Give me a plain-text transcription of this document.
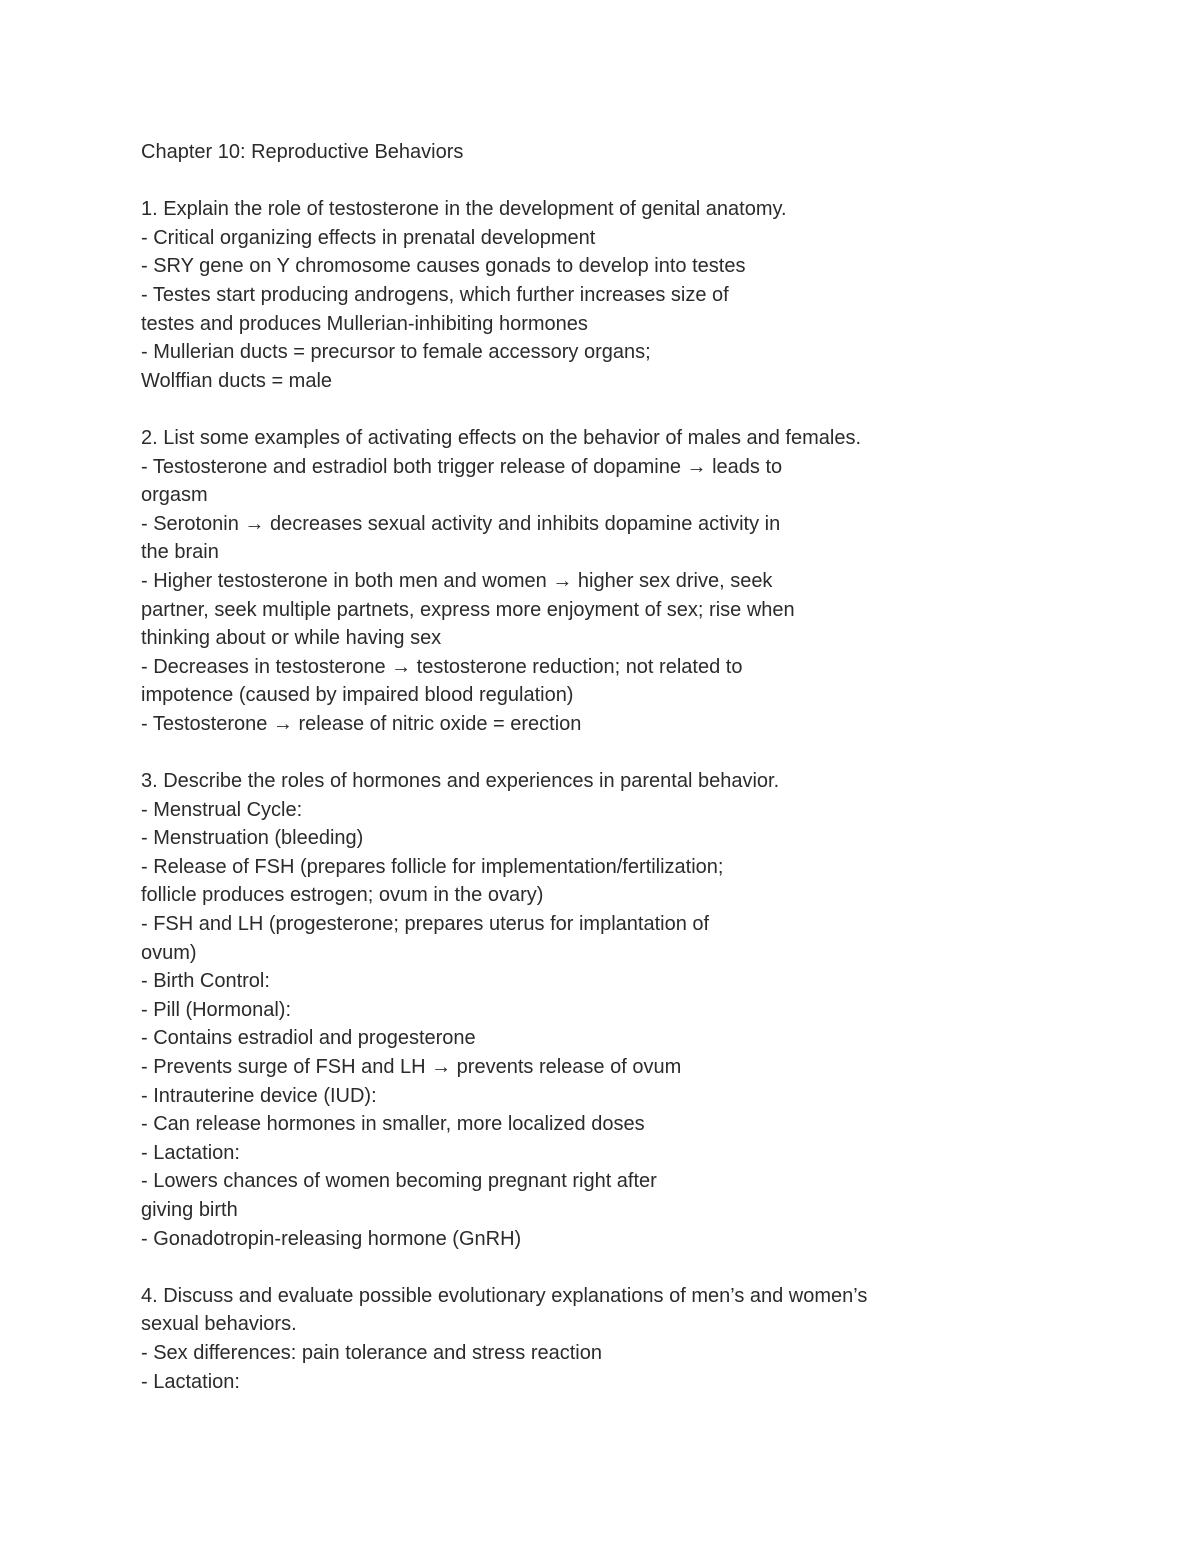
Chapter 10: Reproductive Behaviors
1. Explain the role of testosterone in the development of genital anatomy.
- Critical organizing effects in prenatal development
- SRY gene on Y chromosome causes gonads to develop into testes
- Testes start producing androgens, which further increases size of
testes and produces Mullerian-inhibiting hormones
- Mullerian ducts = precursor to female accessory organs;
Wolffian ducts = male
2. List some examples of activating effects on the behavior of males and females.
- Testosterone and estradiol both trigger release of dopamine → leads to
orgasm
- Serotonin → decreases sexual activity and inhibits dopamine activity in
the brain
- Higher testosterone in both men and women → higher sex drive, seek
partner, seek multiple partnets, express more enjoyment of sex; rise when
thinking about or while having sex
- Decreases in testosterone → testosterone reduction; not related to
impotence (caused by impaired blood regulation)
- Testosterone → release of nitric oxide = erection
3. Describe the roles of hormones and experiences in parental behavior.
- Menstrual Cycle:
- Menstruation (bleeding)
- Release of FSH (prepares follicle for implementation/fertilization;
follicle produces estrogen; ovum in the ovary)
- FSH and LH (progesterone; prepares uterus for implantation of
ovum)
- Birth Control:
- Pill (Hormonal):
- Contains estradiol and progesterone
- Prevents surge of FSH and LH → prevents release of ovum
- Intrauterine device (IUD):
- Can release hormones in smaller, more localized doses
- Lactation:
- Lowers chances of women becoming pregnant right after
giving birth
- Gonadotropin-releasing hormone (GnRH)
4. Discuss and evaluate possible evolutionary explanations of men’s and women’s
sexual behaviors.
- Sex differences: pain tolerance and stress reaction
- Lactation:
